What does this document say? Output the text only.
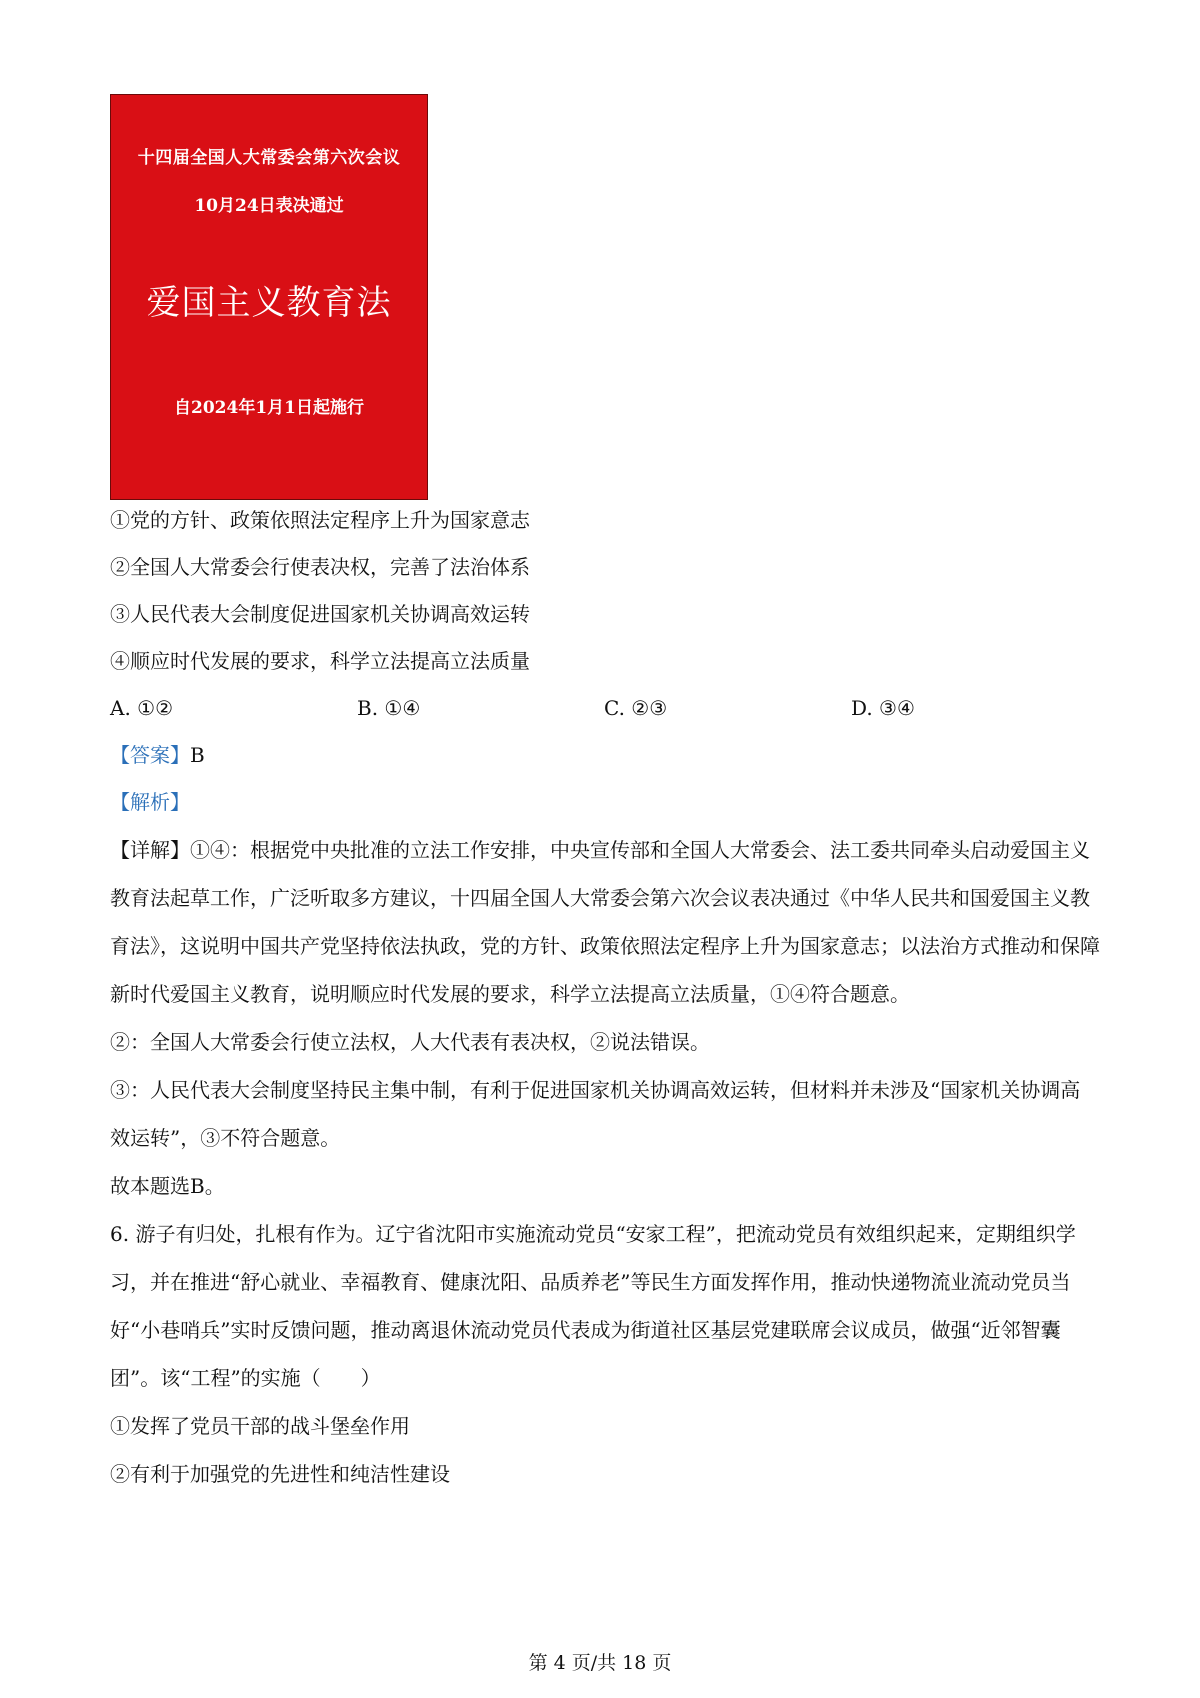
十四届全国人大常委会第六次会议
10月24日表决通过
爱国主义教育法
自2024年1月1日起施行

①党的方针、政策依照法定程序上升为国家意志

②全国人大常委会行使表决权，完善了法治体系

③人民代表大会制度促进国家机关协调高效运转

④顺应时代发展的要求，科学立法提高立法质量

A. ①②	B. ①④	C. ②③	D. ③④

【答案】B

【解析】

【详解】①④：根据党中央批准的立法工作安排，中央宣传部和全国人大常委会、法工委共同牵头启动爱国主义教育法起草工作，广泛听取多方建议，十四届全国人大常委会第六次会议表决通过《中华人民共和国爱国主义教育法》，这说明中国共产党坚持依法执政，党的方针、政策依照法定程序上升为国家意志；以法治方式推动和保障新时代爱国主义教育，说明顺应时代发展的要求，科学立法提高立法质量，①④符合题意。

②：全国人大常委会行使立法权，人大代表有表决权，②说法错误。

③：人民代表大会制度坚持民主集中制，有利于促进国家机关协调高效运转，但材料并未涉及“国家机关协调高效运转”，③不符合题意。

故本题选B。

6. 游子有归处，扎根有作为。辽宁省沈阳市实施流动党员“安家工程”，把流动党员有效组织起来，定期组织学习，并在推进“舒心就业、幸福教育、健康沈阳、品质养老”等民生方面发挥作用，推动快递物流业流动党员当好“小巷哨兵”实时反馈问题，推动离退休流动党员代表成为街道社区基层党建联席会议成员，做强“近邻智囊团”。该“工程”的实施（　　）

①发挥了党员干部的战斗堡垒作用

②有利于加强党的先进性和纯洁性建设

第 4 页/共 18 页
